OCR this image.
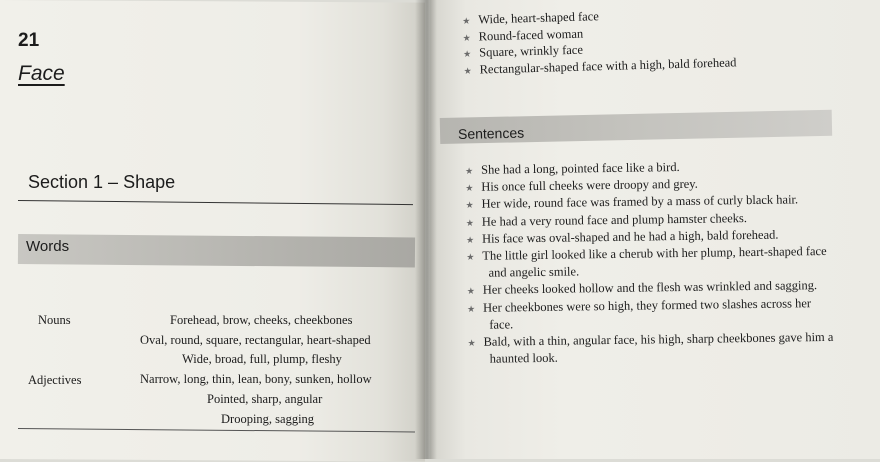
21
Face
Section 1 – Shape
Words
Nouns	Forehead, brow, cheeks, cheekbones
Oval, round, square, rectangular, heart-shaped
Wide, broad, full, plump, fleshy
Adjectives	Narrow, long, thin, lean, bony, sunken, hollow
Pointed, sharp, angular
Drooping, sagging
★ Wide, heart-shaped face
★ Round-faced woman
★ Square, wrinkly face
★ Rectangular-shaped face with a high, bald forehead
Sentences
★ She had a long, pointed face like a bird.
★ His once full cheeks were droopy and grey.
★ Her wide, round face was framed by a mass of curly black hair.
★ He had a very round face and plump hamster cheeks.
★ His face was oval-shaped and he had a high, bald forehead.
★ The little girl looked like a cherub with her plump, heart-shaped face
and angelic smile.
★ Her cheeks looked hollow and the flesh was wrinkled and sagging.
★ Her cheekbones were so high, they formed two slashes across her
face.
★ Bald, with a thin, angular face, his high, sharp cheekbones gave him a
haunted look.
